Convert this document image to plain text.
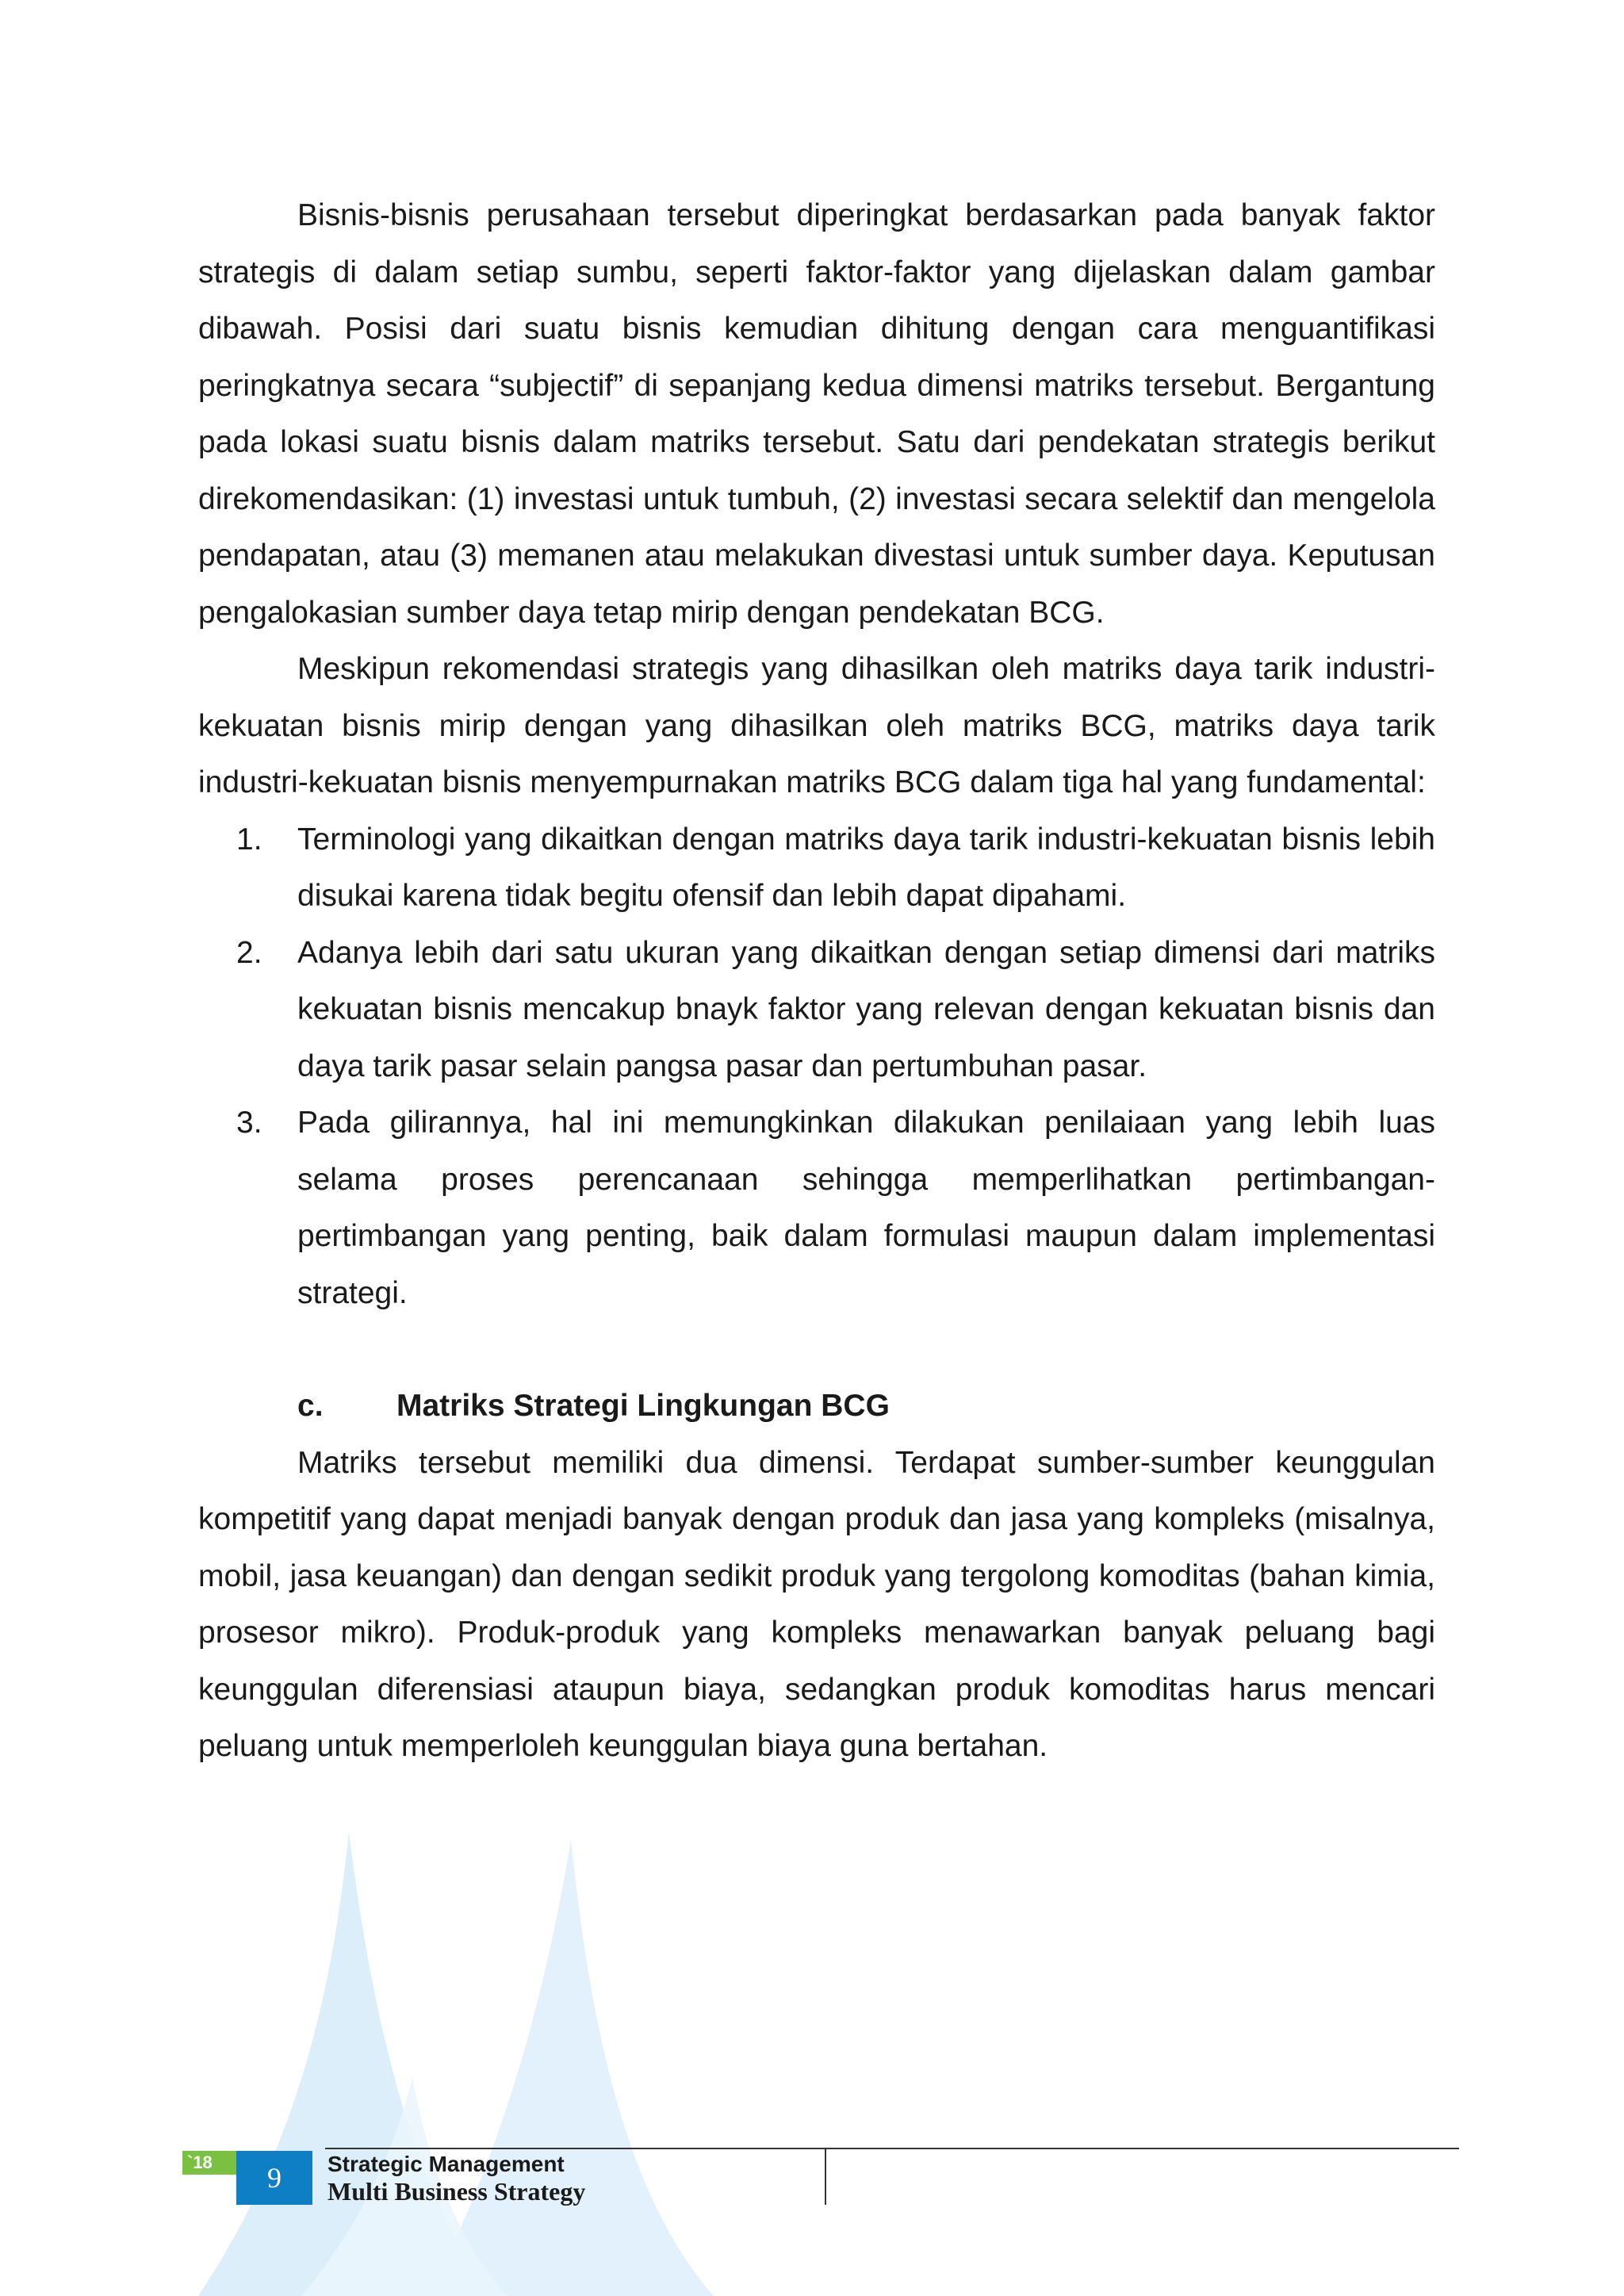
Bisnis-bisnis perusahaan tersebut diperingkat berdasarkan pada banyak faktor strategis di dalam setiap sumbu, seperti faktor-faktor yang dijelaskan dalam gambar dibawah. Posisi dari suatu bisnis kemudian dihitung dengan cara menguantifikasi peringkatnya secara “subjectif” di sepanjang kedua dimensi matriks tersebut. Bergantung pada lokasi suatu bisnis dalam matriks tersebut. Satu dari pendekatan strategis berikut direkomendasikan: (1) investasi untuk tumbuh, (2) investasi secara selektif dan mengelola pendapatan, atau (3) memanen atau melakukan divestasi untuk sumber daya. Keputusan pengalokasian sumber daya tetap mirip dengan pendekatan BCG.

Meskipun rekomendasi strategis yang dihasilkan oleh matriks daya tarik industri-kekuatan bisnis mirip dengan yang dihasilkan oleh matriks BCG, matriks daya tarik industri-kekuatan bisnis menyempurnakan matriks BCG dalam tiga hal yang fundamental:

1. Terminologi yang dikaitkan dengan matriks daya tarik industri-kekuatan bisnis lebih disukai karena tidak begitu ofensif dan lebih dapat dipahami.
2. Adanya lebih dari satu ukuran yang dikaitkan dengan setiap dimensi dari matriks kekuatan bisnis mencakup bnayk faktor yang relevan dengan kekuatan bisnis dan daya tarik pasar selain pangsa pasar dan pertumbuhan pasar.
3. Pada gilirannya, hal ini memungkinkan dilakukan penilaiaan yang lebih luas selama proses perencanaan sehingga memperlihatkan pertimbangan-pertimbangan yang penting, baik dalam formulasi maupun dalam implementasi strategi.
c. Matriks Strategi Lingkungan BCG

Matriks tersebut memiliki dua dimensi. Terdapat sumber-sumber keunggulan kompetitif yang dapat menjadi banyak dengan produk dan jasa yang kompleks (misalnya, mobil, jasa keuangan) dan dengan sedikit produk yang tergolong komoditas (bahan kimia, prosesor mikro). Produk-produk yang kompleks menawarkan banyak peluang bagi keunggulan diferensiasi ataupun biaya, sedangkan produk komoditas harus mencari peluang untuk memperloleh keunggulan biaya guna bertahan.

`18	9	Strategic Management
Multi Business Strategy
